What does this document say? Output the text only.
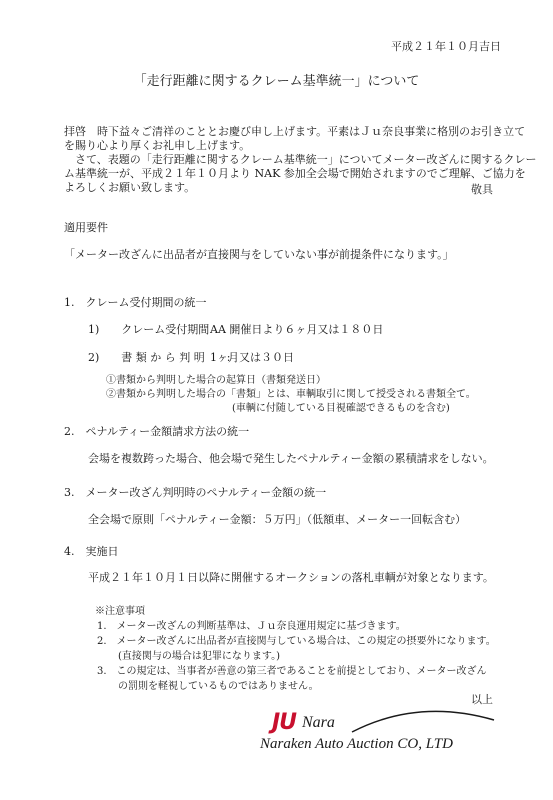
平成２１年１０月吉日
「走行距離に関するクレーム基準統一」について
拝啓　時下益々ご清祥のこととお慶び申し上げます。平素はＪｕ奈良事業に格別のお引き立て
を賜り心より厚くお礼申し上げます。
　さて、表題の「走行距離に関するクレーム基準統一」についてメーター改ざんに関するクレー
ム基準統一が、平成２１年１０月より NAK 参加全会場で開始されますのでご理解、ご協力を
よろしくお願い致します。	敬具
適用要件
「メーター改ざんに出品者が直接関与をしていない事が前提条件になります。」
1.　クレーム受付期間の統一
1)　　クレーム受付期間　　:
AA 開催日より６ヶ月又は１８０日
2)　　書 類 か ら 判 明　　:
1ヶ月又は３０日
①書類から判明した場合の起算日（書類発送日）
②書類から判明した場合の「書類」とは、車輌取引に関して授受される書類全て。
(車輌に付随している目視確認できるものを含む)
2.　ペナルティー金額請求方法の統一
会場を複数跨った場合、他会場で発生したペナルティー金額の累積請求をしない。
3.　メーター改ざん判明時のペナルティー金額の統一
全会場で原則「ペナルティー金額：５万円」（低額車、メーター一回転含む）
4.　実施日
平成２１年１０月１日以降に開催するオークションの落札車輌が対象となります。
※注意事項
1.　メーター改ざんの判断基準は、Ｊｕ奈良運用規定に基づきます。
2.　メーター改ざんに出品者が直接関与している場合は、この規定の摂要外になります。
(直接関与の場合は犯罪になります。)
3.　この規定は、当事者が善意の第三者であることを前提としており、メーター改ざん
の罰則を軽視しているものではありません。
以上
JU Nara
Naraken Auto Auction CO, LTD
